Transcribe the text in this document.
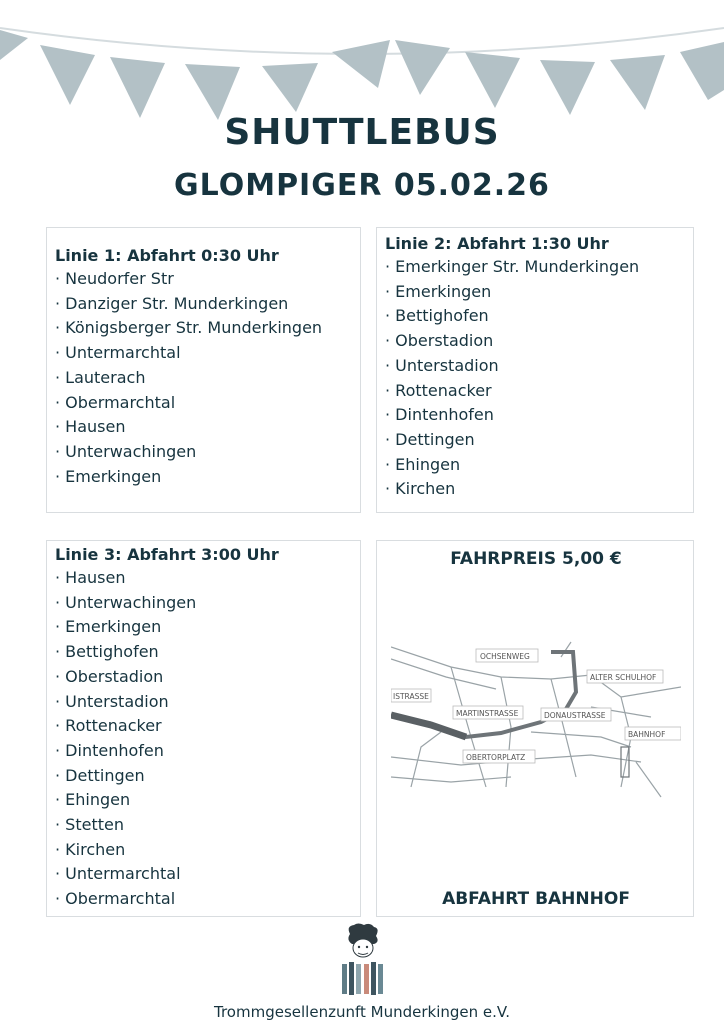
SHUTTLEBUS
GLOMPIGER 05.02.26
Linie 1: Abfahrt 0:30 Uhr
· Neudorfer Str
· Danziger Str. Munderkingen
· Königsberger Str. Munderkingen
· Untermarchtal
· Lauterach
· Obermarchtal
· Hausen
· Unterwachingen
· Emerkingen
Linie 2: Abfahrt 1:30 Uhr
· Emerkinger Str. Munderkingen
· Emerkingen
· Bettighofen
· Oberstadion
· Unterstadion
· Rottenacker
· Dintenhofen
· Dettingen
· Ehingen
· Kirchen
Linie 3: Abfahrt 3:00 Uhr
· Hausen
· Unterwachingen
· Emerkingen
· Bettighofen
· Oberstadion
· Unterstadion
· Rottenacker
· Dintenhofen
· Dettingen
· Ehingen
· Stetten
· Kirchen
· Untermarchtal
· Obermarchtal
FAHRPREIS 5,00 €
OCHSENWEG
ALTER SCHULHOF
ISTRASSE
MARTINSTRASSE	DONAUSTRASSE
BAHNHOF
OBERTORPLATZ
ABFAHRT BAHNHOF
Trommgesellenzunft Munderkingen e.V.
